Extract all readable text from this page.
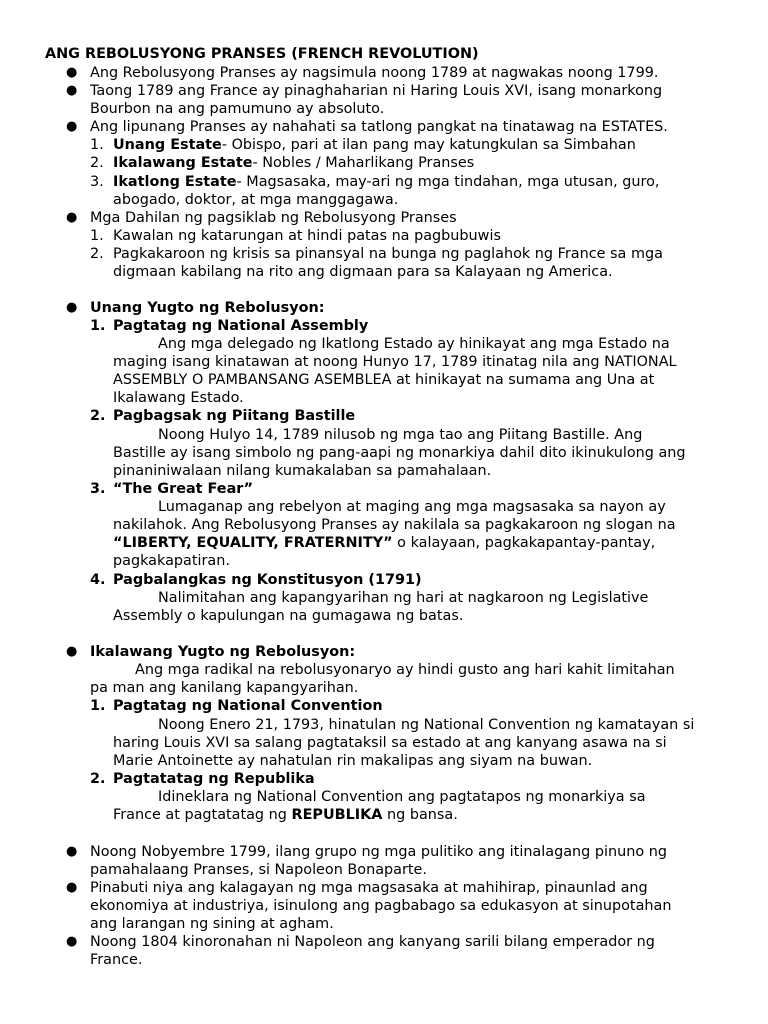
ANG REBOLUSYONG PRANSES (FRENCH REVOLUTION)
● Ang Rebolusyong Pranses ay nagsimula noong 1789 at nagwakas noong 1799.
● Taong 1789 ang France ay pinaghaharian ni Haring Louis XVI, isang monarkong
Bourbon na ang pamumuno ay absoluto.
● Ang lipunang Pranses ay nahahati sa tatlong pangkat na tinatawag na ESTATES.
1. Unang Estate- Obispo, pari at ilan pang may katungkulan sa Simbahan
2. Ikalawang Estate- Nobles / Maharlikang Pranses
3. Ikatlong Estate- Magsasaka, may-ari ng mga tindahan, mga utusan, guro,
abogado, doktor, at mga manggagawa.
● Mga Dahilan ng pagsiklab ng Rebolusyong Pranses
1. Kawalan ng katarungan at hindi patas na pagbubuwis
2. Pagkakaroon ng krisis sa pinansyal na bunga ng paglahok ng France sa mga
digmaan kabilang na rito ang digmaan para sa Kalayaan ng America.
● Unang Yugto ng Rebolusyon:
1. Pagtatag ng National Assembly
Ang mga delegado ng Ikatlong Estado ay hinikayat ang mga Estado na
maging isang kinatawan at noong Hunyo 17, 1789 itinatag nila ang NATIONAL
ASSEMBLY O PAMBANSANG ASEMBLEA at hinikayat na sumama ang Una at
Ikalawang Estado.
2. Pagbagsak ng Piitang Bastille
Noong Hulyo 14, 1789 nilusob ng mga tao ang Piitang Bastille. Ang
Bastille ay isang simbolo ng pang-aapi ng monarkiya dahil dito ikinukulong ang
pinaniniwalaan nilang kumakalaban sa pamahalaan.
3. “The Great Fear”
Lumaganap ang rebelyon at maging ang mga magsasaka sa nayon ay
nakilahok. Ang Rebolusyong Pranses ay nakilala sa pagkakaroon ng slogan na
“LIBERTY, EQUALITY, FRATERNITY” o kalayaan, pagkakapantay-pantay,
pagkakapatiran.
4. Pagbalangkas ng Konstitusyon (1791)
Nalimitahan ang kapangyarihan ng hari at nagkaroon ng Legislative
Assembly o kapulungan na gumagawa ng batas.
● Ikalawang Yugto ng Rebolusyon:
Ang mga radikal na rebolusyonaryo ay hindi gusto ang hari kahit limitahan
pa man ang kanilang kapangyarihan.
1. Pagtatag ng National Convention
Noong Enero 21, 1793, hinatulan ng National Convention ng kamatayan si
haring Louis XVI sa salang pagtataksil sa estado at ang kanyang asawa na si
Marie Antoinette ay nahatulan rin makalipas ang siyam na buwan.
2. Pagtatatag ng Republika
Idineklara ng National Convention ang pagtatapos ng monarkiya sa
France at pagtatatag ng REPUBLIKA ng bansa.
● Noong Nobyembre 1799, ilang grupo ng mga pulitiko ang itinalagang pinuno ng
pamahalaang Pranses, si Napoleon Bonaparte.
● Pinabuti niya ang kalagayan ng mga magsasaka at mahihirap, pinaunlad ang
ekonomiya at industriya, isinulong ang pagbabago sa edukasyon at sinupotahan
ang larangan ng sining at agham.
● Noong 1804 kinoronahan ni Napoleon ang kanyang sarili bilang emperador ng
France.
